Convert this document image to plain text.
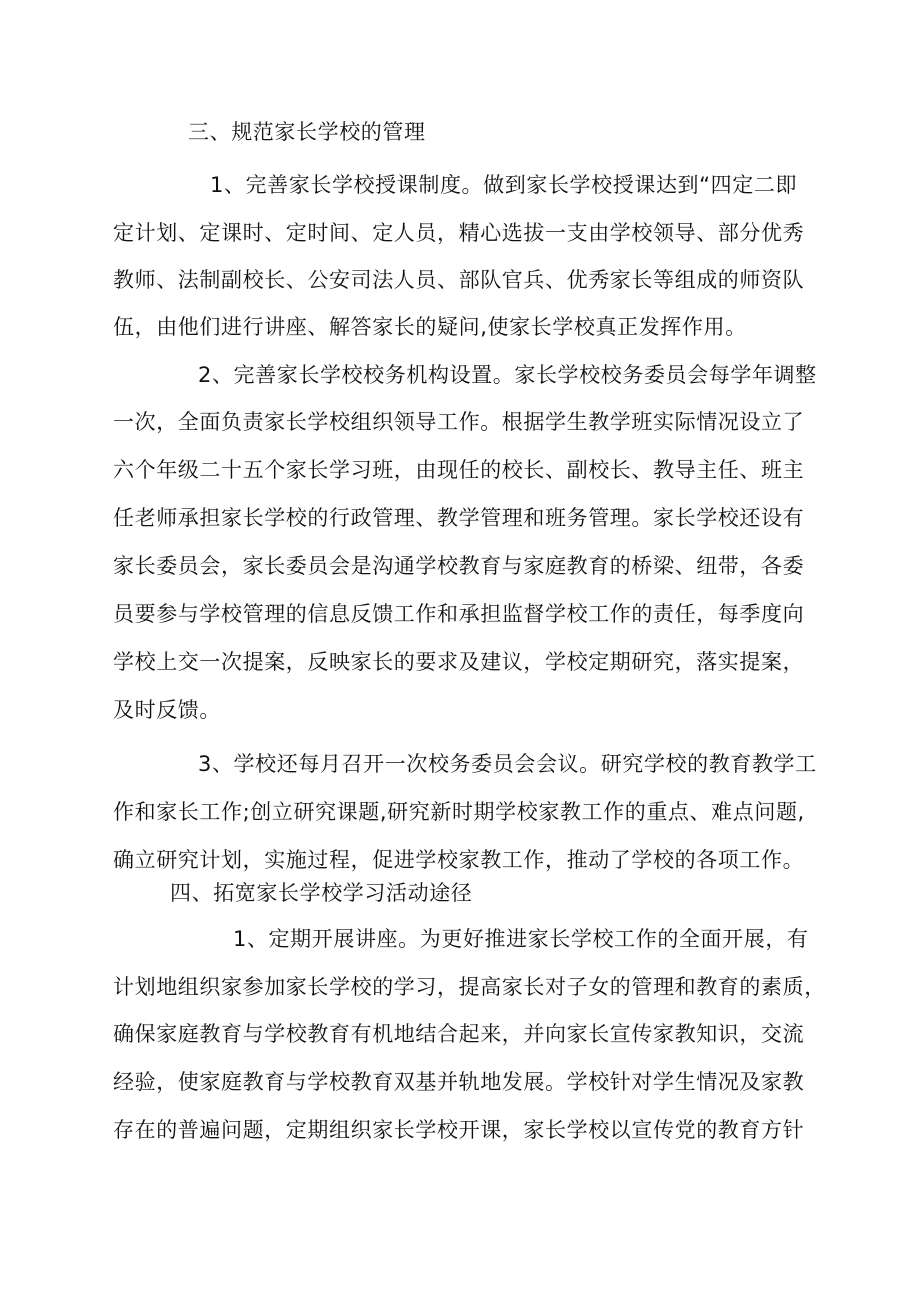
三、规范家长学校的管理
1、完善家长学校授课制度。做到家长学校授课达到“四定二即
定计划、定课时、定时间、定人员，精心选拔一支由学校领导、部分优秀
教师、法制副校长、公安司法人员、部队官兵、优秀家长等组成的师资队
伍，由他们进行讲座、解答家长的疑问,使家长学校真正发挥作用。
2、完善家长学校校务机构设置。家长学校校务委员会每学年调整
一次，全面负责家长学校组织领导工作。根据学生教学班实际情况设立了
六个年级二十五个家长学习班，由现任的校长、副校长、教导主任、班主
任老师承担家长学校的行政管理、教学管理和班务管理。家长学校还设有
家长委员会，家长委员会是沟通学校教育与家庭教育的桥梁、纽带，各委
员要参与学校管理的信息反馈工作和承担监督学校工作的责任，每季度向
学校上交一次提案，反映家长的要求及建议，学校定期研究，落实提案，
及时反馈。
3、学校还每月召开一次校务委员会会议。研究学校的教育教学工
作和家长工作;创立研究课题,研究新时期学校家教工作的重点、难点问题,
确立研究计划，实施过程，促进学校家教工作，推动了学校的各项工作。
四、拓宽家长学校学习活动途径
1、定期开展讲座。为更好推进家长学校工作的全面开展，有
计划地组织家参加家长学校的学习，提高家长对子女的管理和教育的素质，
确保家庭教育与学校教育有机地结合起来，并向家长宣传家教知识，交流
经验，使家庭教育与学校教育双基并轨地发展。学校针对学生情况及家教
存在的普遍问题，定期组织家长学校开课，家长学校以宣传党的教育方针
